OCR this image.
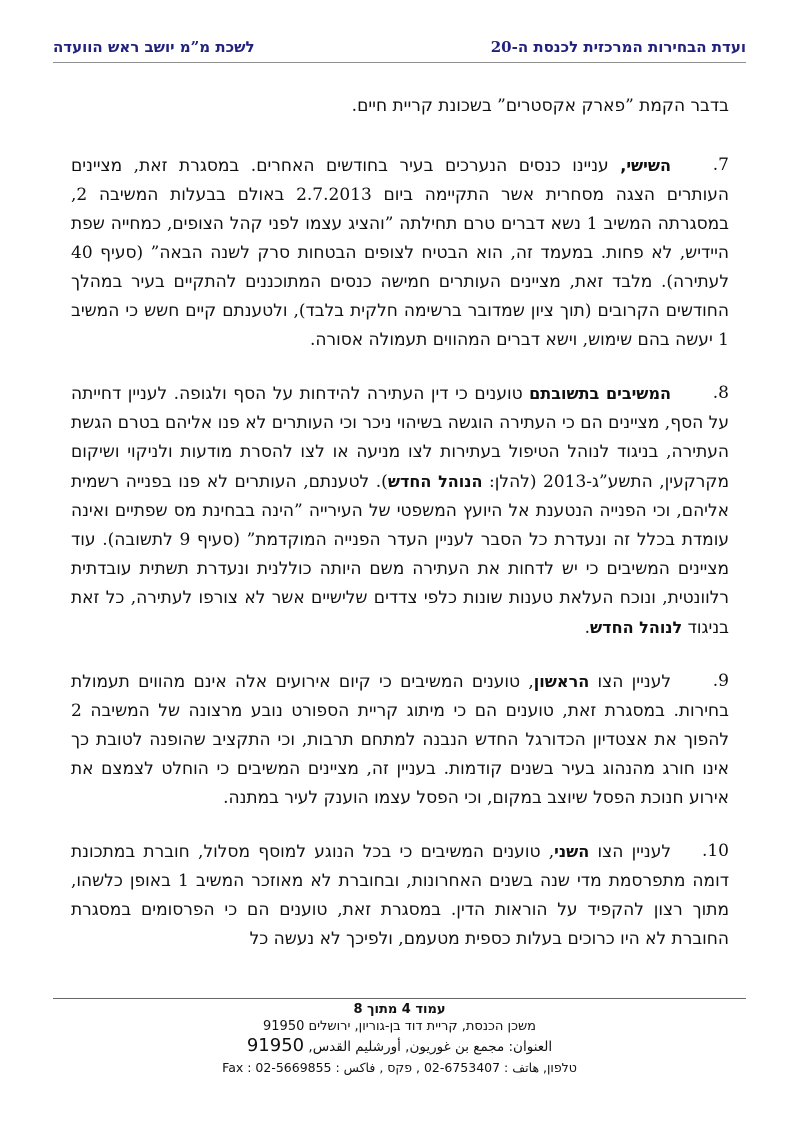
ועדת הבחירות המרכזית לכנסת ה-20
לשכת מ”מ יושב ראש הוועדה
בדבר הקמת ”פארק אקסטרים” בשכונת קריית חיים.
7.
השישי, עניינו כנסים הנערכים בעיר בחודשים האחרים. במסגרת זאת, מציינים העותרים הצגה מסחרית אשר התקיימה ביום 2.7.2013 באולם בבעלות המשיבה 2, במסגרתה המשיב 1 נשא דברים טרם תחילתה ”והציג עצמו לפני קהל הצופים, כמחייה שפת היידיש, לא פחות. במעמד זה, הוא הבטיח לצופים הבטחות סרק לשנה הבאה” (סעיף 40 לעתירה). מלבד זאת, מציינים העותרים חמישה כנסים המתוכננים להתקיים בעיר במהלך החודשים הקרובים (תוך ציון שמדובר ברשימה חלקית בלבד), ולטענתם קיים חשש כי המשיב 1 יעשה בהם שימוש, וישא דברים המהווים תעמולה אסורה.
8.
המשיבים בתשובתם טוענים כי דין העתירה להידחות על הסף ולגופה. לעניין דחייתה על הסף, מציינים הם כי העתירה הוגשה בשיהוי ניכר וכי העותרים לא פנו אליהם בטרם הגשת העתירה, בניגוד לנוהל הטיפול בעתירות לצו מניעה או לצו להסרת מודעות ולניקוי ושיקום מקרקעין, התשע”ג-2013 (להלן: הנוהל החדש). לטענתם, העותרים לא פנו בפנייה רשמית אליהם, וכי הפנייה הנטענת אל היועץ המשפטי של העירייה ”הינה בבחינת מס שפתיים ואינה עומדת בכלל זה ונעדרת כל הסבר לעניין העדר הפנייה המוקדמת” (סעיף 9 לתשובה). עוד מציינים המשיבים כי יש לדחות את העתירה משם היותה כוללנית ונעדרת תשתית עובדתית רלוונטית, ונוכח העלאת טענות שונות כלפי צדדים שלישיים אשר לא צורפו לעתירה, כל זאת בניגוד לנוהל החדש.
9.
לעניין הצו הראשון, טוענים המשיבים כי קיום אירועים אלה אינם מהווים תעמולת בחירות. במסגרת זאת, טוענים הם כי מיתוג קריית הספורט נובע מרצונה של המשיבה 2 להפוך את אצטדיון הכדורגל החדש הנבנה למתחם תרבות, וכי התקציב שהופנה לטובת כך אינו חורג מהנהוג בעיר בשנים קודמות. בעניין זה, מציינים המשיבים כי הוחלט לצמצם את אירוע חנוכת הפסל שיוצב במקום, וכי הפסל עצמו הוענק לעיר במתנה.
10.
לעניין הצו השני, טוענים המשיבים כי בכל הנוגע למוסף מסלול, חוברת במתכונת דומה מתפרסמת מדי שנה בשנים האחרונות, ובחוברת לא מאוזכר המשיב 1 באופן כלשהו, מתוך רצון להקפיד על הוראות הדין. במסגרת זאת, טוענים הם כי הפרסומים במסגרת החוברת לא היו כרוכים בעלות כספית מטעמם, ולפיכך לא נעשה כל
עמוד 4 מתוך 8
משכן הכנסת, קריית דוד בן-גוריון, ירושלים 91950
العنوان: مجمع بن غوريون, أورشليم القدس, 91950
טלפון, هاتف : 02-6753407 , פקס , فاكس : Fax : 02-5669855
